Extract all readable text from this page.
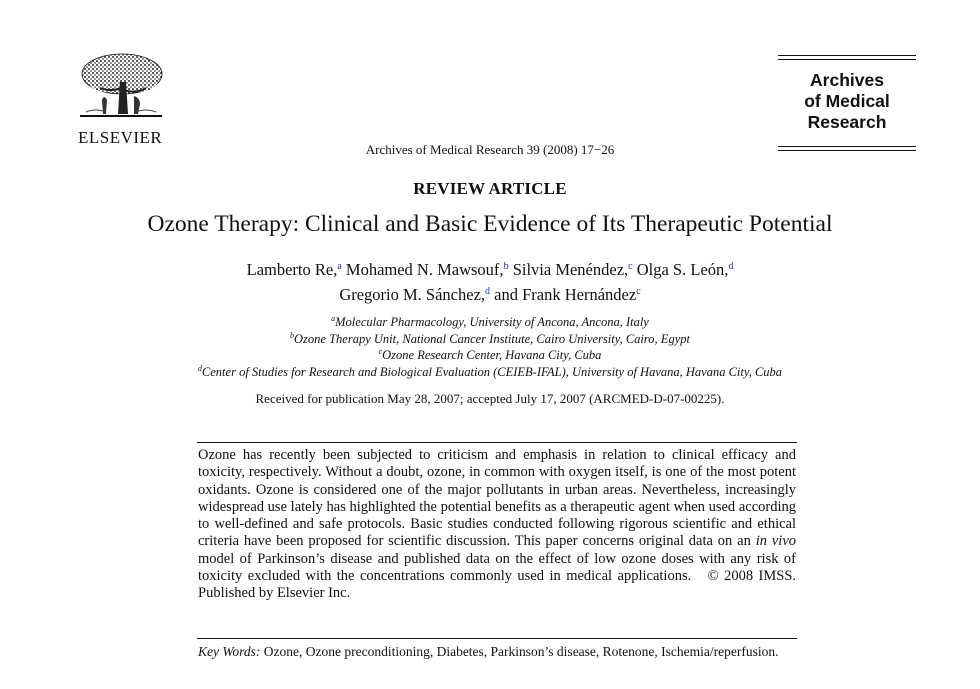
ELSEVIER
Archives of Medical Research 39 (2008) 17−26
Archives
of Medical
Research
REVIEW ARTICLE
Ozone Therapy: Clinical and Basic Evidence of Its Therapeutic Potential
Lamberto Re,$^a$ Mohamed N. Mawsouf,$^b$ Silvia Menéndez,$^c$ Olga S. León,$^d$
Gregorio M. Sánchez,$^d$ and Frank Hernández$^c$
$^a$Molecular Pharmacology, University of Ancona, Ancona, Italy
$^b$Ozone Therapy Unit, National Cancer Institute, Cairo University, Cairo, Egypt
$^c$Ozone Research Center, Havana City, Cuba
$^d$Center of Studies for Research and Biological Evaluation (CEIEB-IFAL), University of Havana, Havana City, Cuba
Received for publication May 28, 2007; accepted July 17, 2007 (ARCMED-D-07-00225).
Ozone has recently been subjected to criticism and emphasis in relation to clinical efficacy and toxicity, respectively. Without a doubt, ozone, in common with oxygen itself, is one of the most potent oxidants. Ozone is considered one of the major pollutants in urban areas. Nevertheless, increasingly widespread use lately has highlighted the potential benefits as a therapeutic agent when used according to well-defined and safe protocols. Basic studies conducted following rigorous scientific and ethical criteria have been proposed for scientific discussion. This paper concerns original data on an in vivo model of Parkinson’s disease and published data on the effect of low ozone doses with any risk of toxicity excluded with the concentrations commonly used in medical applications. © 2008 IMSS. Published by Elsevier Inc.
Key Words: Ozone, Ozone preconditioning, Diabetes, Parkinson’s disease, Rotenone, Ischemia/reperfusion.
